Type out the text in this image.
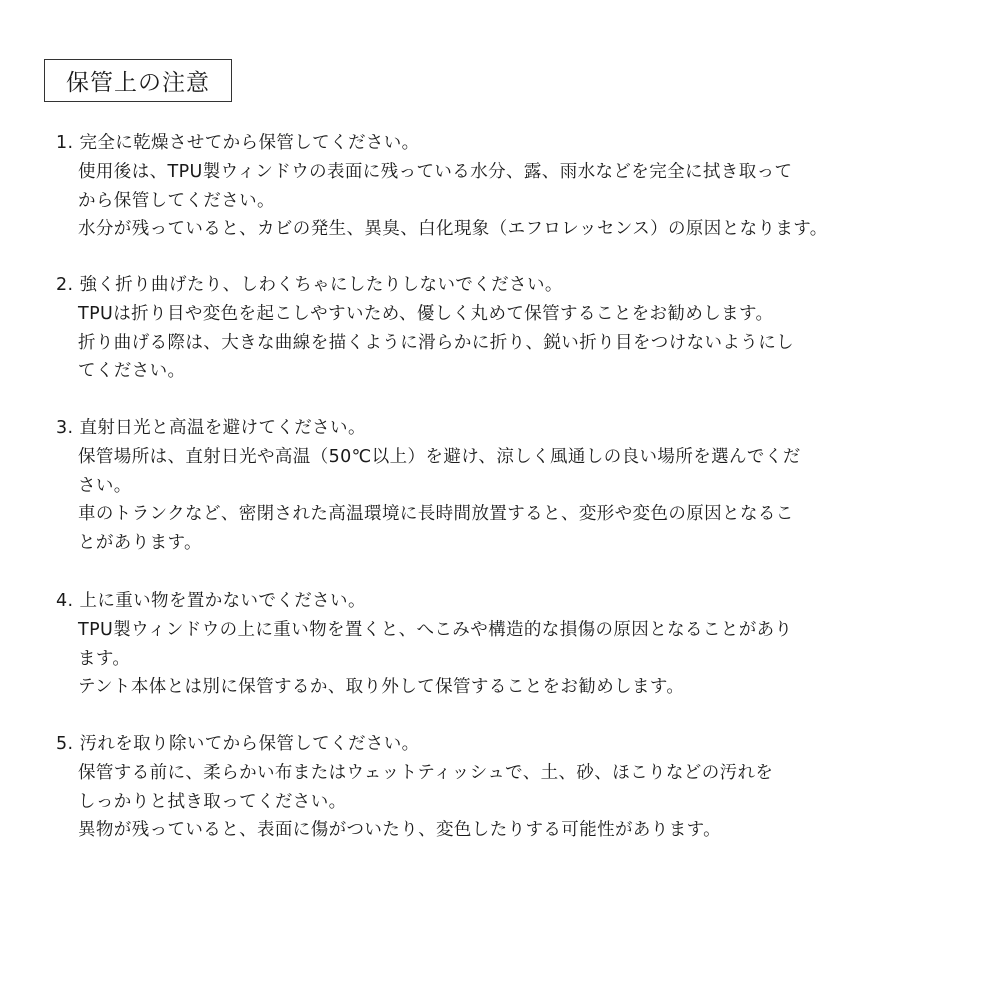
保管上の注意
1. 完全に乾燥させてから保管してください。
使用後は、TPU製ウィンドウの表面に残っている水分、露、雨水などを完全に拭き取って
から保管してください。
水分が残っていると、カビの発生、異臭、白化現象（エフロレッセンス）の原因となります。
2. 強く折り曲げたり、しわくちゃにしたりしないでください。
TPUは折り目や変色を起こしやすいため、優しく丸めて保管することをお勧めします。
折り曲げる際は、大きな曲線を描くように滑らかに折り、鋭い折り目をつけないようにし
てください。
3. 直射日光と高温を避けてください。
保管場所は、直射日光や高温（50℃以上）を避け、涼しく風通しの良い場所を選んでくだ
さい。
車のトランクなど、密閉された高温環境に長時間放置すると、変形や変色の原因となるこ
とがあります。
4. 上に重い物を置かないでください。
TPU製ウィンドウの上に重い物を置くと、へこみや構造的な損傷の原因となることがあり
ます。
テント本体とは別に保管するか、取り外して保管することをお勧めします。
5. 汚れを取り除いてから保管してください。
保管する前に、柔らかい布またはウェットティッシュで、土、砂、ほこりなどの汚れを
しっかりと拭き取ってください。
異物が残っていると、表面に傷がついたり、変色したりする可能性があります。
